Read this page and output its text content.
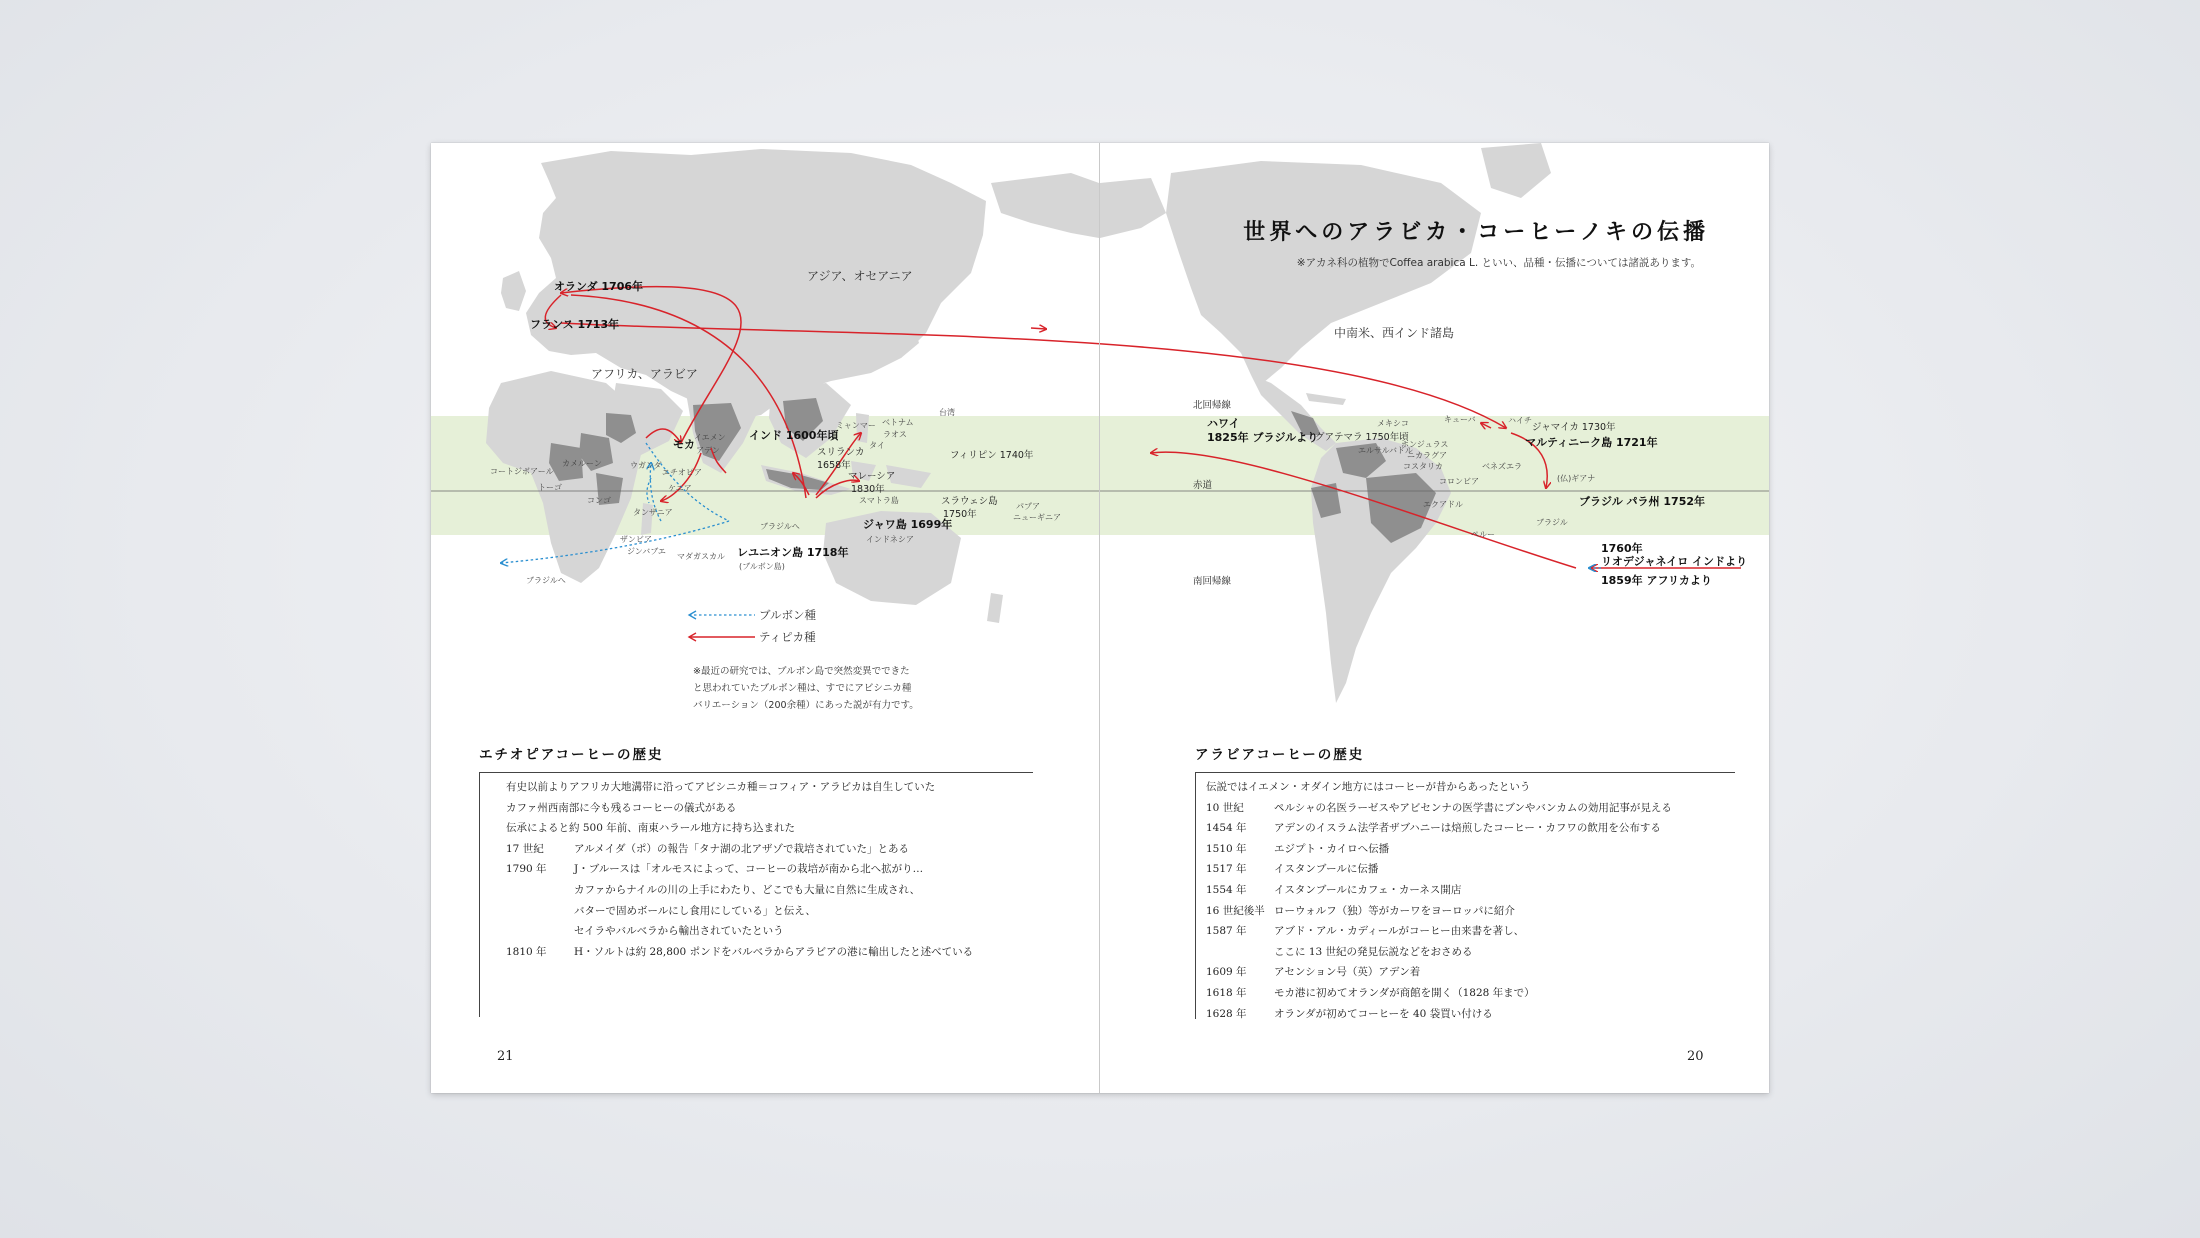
世界へのアラビカ・コーヒーノキの伝播
※アカネ科の植物でCoffea arabica L. といい、品種・伝播については諸説あります。
アジア、オセアニア
アフリカ、アラビア
中南米、西インド諸島
北回帰線
赤道
南回帰線
オランダ 1706年
フランス 1713年
モカ
イエメン
アデン
インド 1600年頃
スリランカ
1658年
マレーシア
1830年
スマトラ島
ジャワ島 1699年
インドネシア
スラウェシ島
1750年
フィリピン 1740年
パプア
ニューギニア
ミャンマー ベトナム
ラオス
タイ
台湾
エチオピア
ケニア
ウガンダ
タンザニア
コンゴ
カメルーン
コートジボアール
トーゴ
ザンビア
ジンバブエ
マダガスカル レユニオン島 1718年
(ブルボン島)
ブラジルへ
ブラジルへ
ハワイ
1825年 ブラジルより
グアテマラ 1750年頃
メキシコ
エルサルバドル
ホンジュラス
ニカラグア
コスタリカ
キューバ	ハイチ
ジャマイカ 1730年
マルティニーク島 1721年
ベネズエラ
コロンビア
エクアドル
ペルー
ブラジル
(仏)ギアナ
ブラジル パラ州 1752年
1760年
リオデジャネイロ インドより
1859年 アフリカより
ブルボン種
ティピカ種
※最近の研究では、ブルボン島で突然変異でできた
と思われていたブルボン種は、すでにアビシニカ種
バリエーション（200余種）にあった説が有力です。
エチオピアコーヒーの歴史
有史以前よりアフリカ大地溝帯に沿ってアビシニカ種＝コフィア・アラビカは自生していた
カファ州西南部に今も残るコーヒーの儀式がある
伝承によると約 500 年前、南東ハラール地方に持ち込まれた
17 世紀	アルメイダ（ポ）の報告「タナ湖の北アザゾで栽培されていた」とある
1790 年	J・ブルースは「オルモスによって、コーヒーの栽培が南から北へ拡がり…
カファからナイルの川の上手にわたり、どこでも大量に自然に生成され、
バターで固めボールにし食用にしている」と伝え、
セイラやバルベラから輸出されていたという
1810 年	H・ソルトは約 28,800 ポンドをバルベラからアラビアの港に輸出したと述べている
アラビアコーヒーの歴史
伝説ではイエメン・オダイン地方にはコーヒーが昔からあったという
10 世紀	ペルシャの名医ラーゼスやアビセンナの医学書にブンやバンカムの効用記事が見える
1454 年	アデンのイスラム法学者ザブハニーは焙煎したコーヒー・カフワの飲用を公布する
1510 年	エジプト・カイロへ伝播
1517 年	イスタンブールに伝播
1554 年	イスタンブールにカフェ・カーネス開店
16 世紀後半 ローウォルフ（独）等がカーワをヨーロッパに紹介
1587 年	アブド・アル・カディールがコーヒー由来書を著し、
ここに 13 世紀の発見伝説などをおさめる
1609 年	アセンション号（英）アデン着
1618 年	モカ港に初めてオランダが商館を開く（1828 年まで）
1628 年	オランダが初めてコーヒーを 40 袋買い付ける
21	20
